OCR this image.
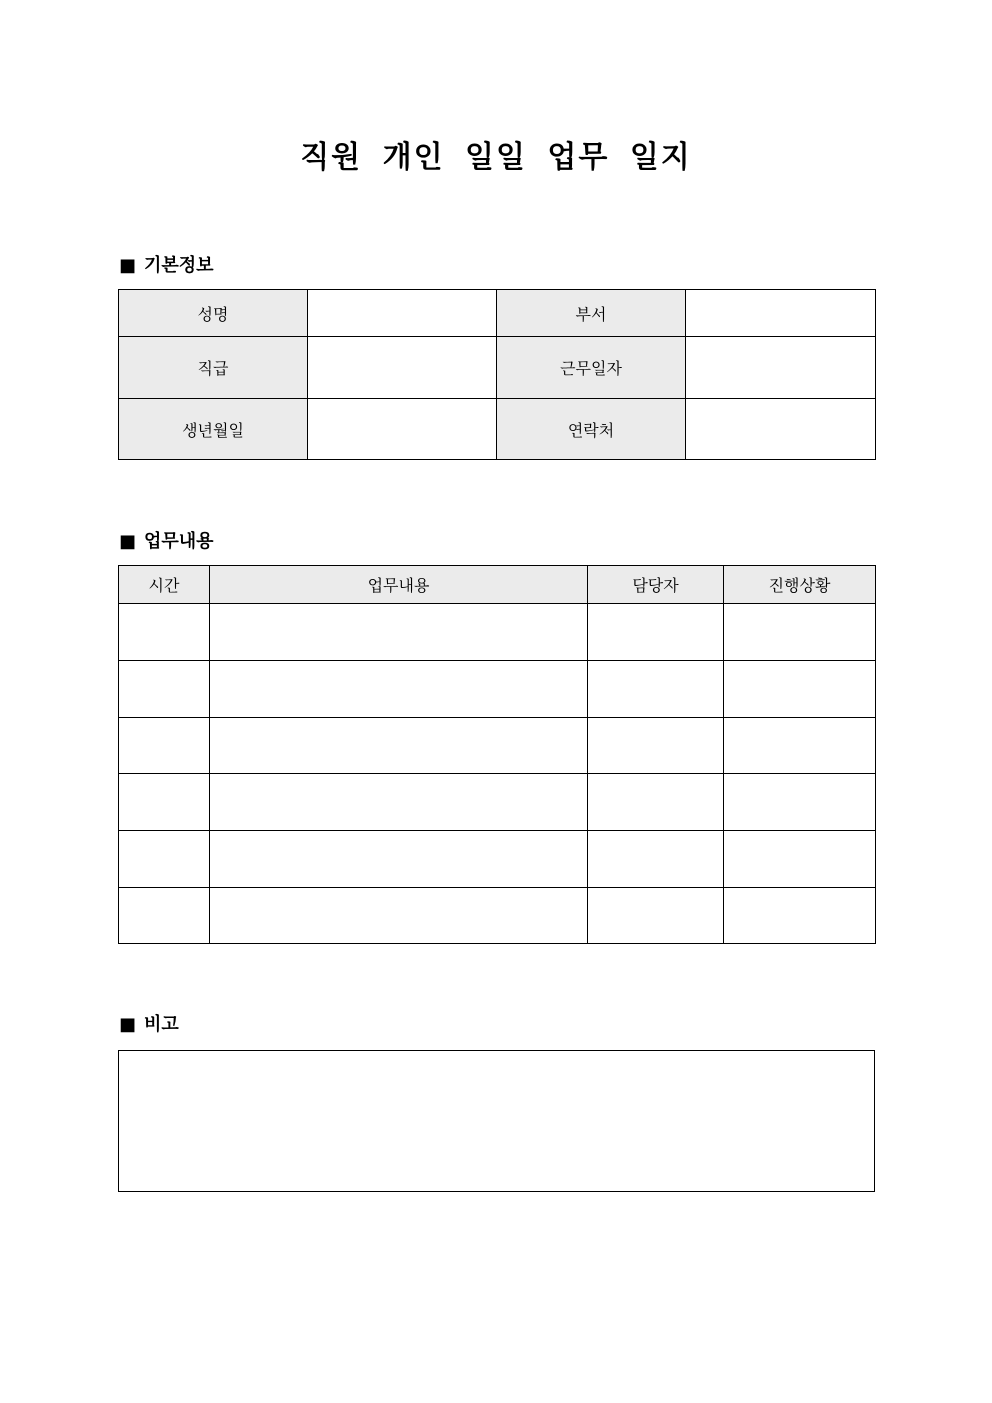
직원 개인 일일 업무 일지
■ 기본정보
성명		부서	
직급		근무일자	
생년월일		연락처	
■ 업무내용
시간	업무내용	담당자	진행상황

■ 비고
